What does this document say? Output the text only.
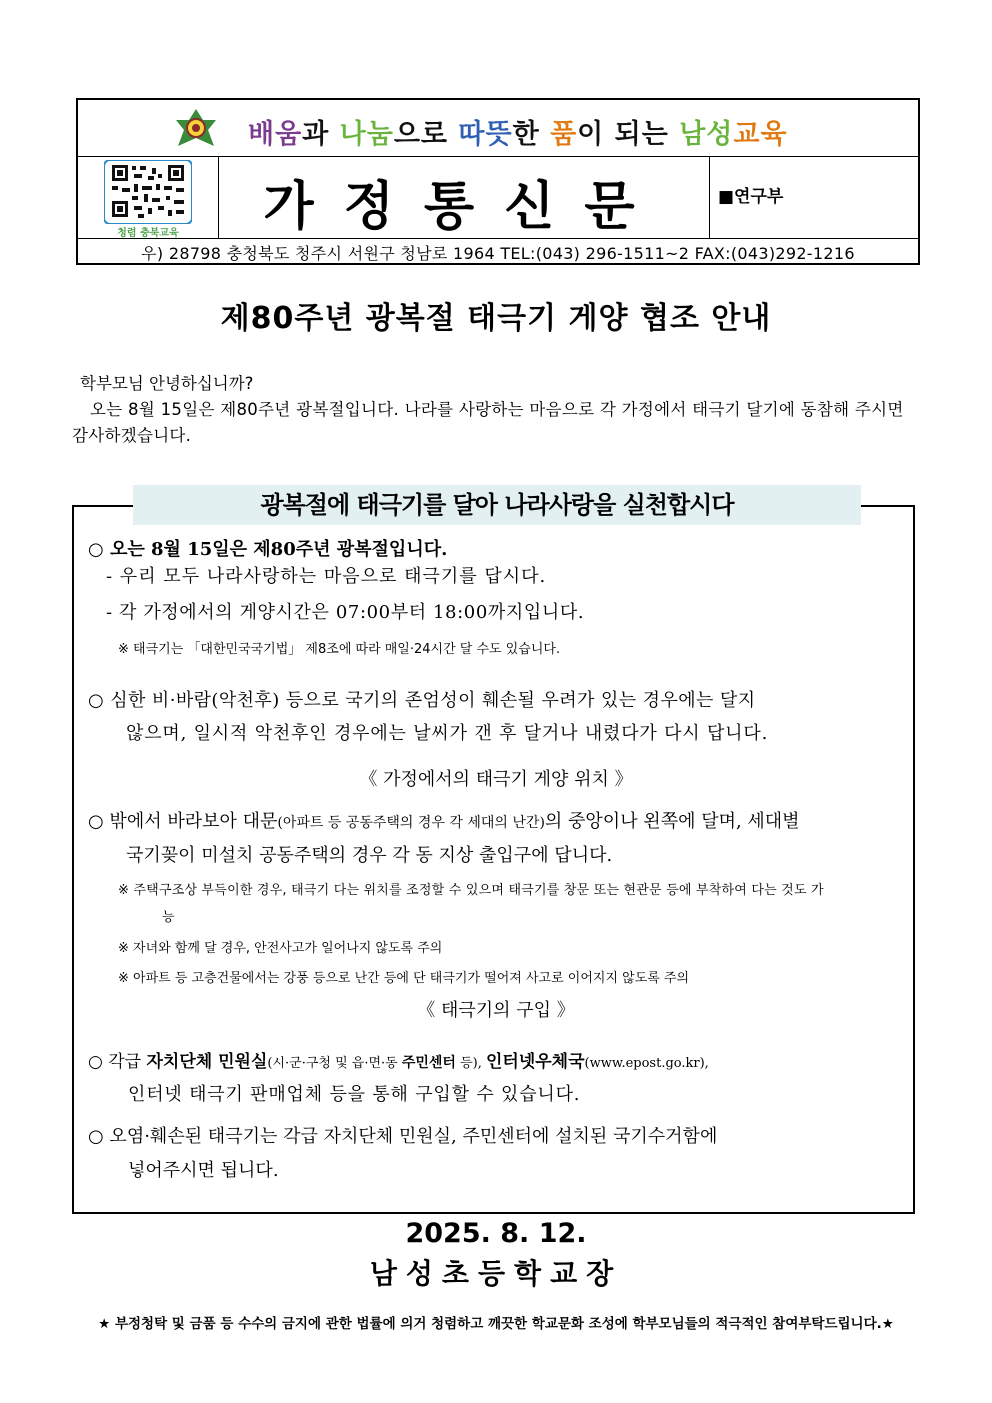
배움과 나눔으로 따뜻한 품이 되는 남성교육
청렴 충북교육	가정통신문	■연구부
우) 28798 충청북도 청주시 서원구 청남로 1964 TEL:(043) 296-1511~2 FAX:(043)292-1216
제80주년 광복절 태극기 게양 협조 안내
학부모님 안녕하십니까?
오는 8월 15일은 제80주년 광복절입니다. 나라를 사랑하는 마음으로 각 가정에서 태극기 달기에 동참해 주시면 감사하겠습니다.
광복절에 태극기를 달아 나라사랑을 실천합시다
○ 오는 8월 15일은 제80주년 광복절입니다.
- 우리 모두 나라사랑하는 마음으로 태극기를 답시다.
- 각 가정에서의 게양시간은 07:00부터 18:00까지입니다.
※ 태극기는 「대한민국국기법」 제8조에 따라 매일·24시간 달 수도 있습니다.
○ 심한 비·바람(악천후) 등으로 국기의 존엄성이 훼손될 우려가 있는 경우에는 달지
않으며, 일시적 악천후인 경우에는 날씨가 갠 후 달거나 내렸다가 다시 답니다.
《 가정에서의 태극기 게양 위치 》
○ 밖에서 바라보아 대문(아파트 등 공동주택의 경우 각 세대의 난간)의 중앙이나 왼쪽에 달며, 세대별
국기꽂이 미설치 공동주택의 경우 각 동 지상 출입구에 답니다.
※ 주택구조상 부득이한 경우, 태극기 다는 위치를 조정할 수 있으며 태극기를 창문 또는 현관문 등에 부착하여 다는 것도 가
능
※ 자녀와 함께 달 경우, 안전사고가 일어나지 않도록 주의
※ 아파트 등 고층건물에서는 강풍 등으로 난간 등에 단 태극기가 떨어져 사고로 이어지지 않도록 주의
《 태극기의 구입 》
○ 각급 자치단체 민원실(시·군·구청 및 읍·면·동 주민센터 등), 인터넷우체국(www.epost.go.kr),
인터넷 태극기 판매업체 등을 통해 구입할 수 있습니다.
○ 오염·훼손된 태극기는 각급 자치단체 민원실, 주민센터에 설치된 국기수거함에
넣어주시면 됩니다.
2025. 8. 12.
남성초등학교장
★ 부정청탁 및 금품 등 수수의 금지에 관한 법률에 의거 청렴하고 깨끗한 학교문화 조성에 학부모님들의 적극적인 참여부탁드립니다.★
